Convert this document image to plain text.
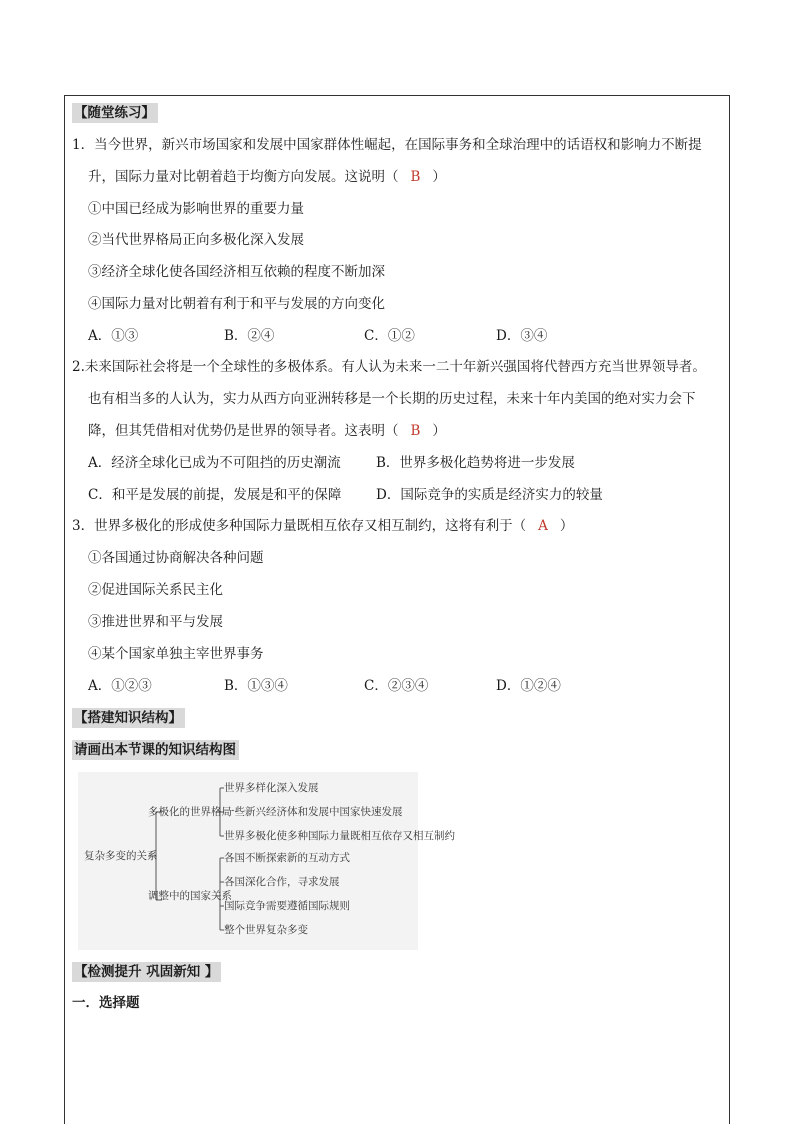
【随堂练习】
1．当今世界，新兴市场国家和发展中国家群体性崛起，在国际事务和全球治理中的话语权和影响力不断提
升，国际力量对比朝着趋于均衡方向发展。这说明（ B ）
①中国已经成为影响世界的重要力量
②当代世界格局正向多极化深入发展
③经济全球化使各国经济相互依赖的程度不断加深
④国际力量对比朝着有利于和平与发展的方向变化
A．①③	B．②④	C．①②	D．③④
2.未来国际社会将是一个全球性的多极体系。有人认为未来一二十年新兴强国将代替西方充当世界领导者。
也有相当多的人认为，实力从西方向亚洲转移是一个长期的历史过程，未来十年内美国的绝对实力会下
降，但其凭借相对优势仍是世界的领导者。这表明（ B ）
A．经济全球化已成为不可阻挡的历史潮流	B．世界多极化趋势将进一步发展
C．和平是发展的前提，发展是和平的保障	D．国际竞争的实质是经济实力的较量
3．世界多极化的形成使多种国际力量既相互依存又相互制约，这将有利于（ A ）
①各国通过协商解决各种问题
②促进国际关系民主化
③推进世界和平与发展
④某个国家单独主宰世界事务
A．①②③	B．①③④	C．②③④	D．①②④
【搭建知识结构】
请画出本节课的知识结构图
复杂多变的关系
多极化的世界格局
调整中的国家关系
世界多样化深入发展
一些新兴经济体和发展中国家快速发展
世界多极化使多种国际力量既相互依存又相互制约
各国不断探索新的互动方式
各国深化合作，寻求发展
国际竞争需要遵循国际规则
整个世界复杂多变
【检测提升 巩固新知 】
一．选择题
